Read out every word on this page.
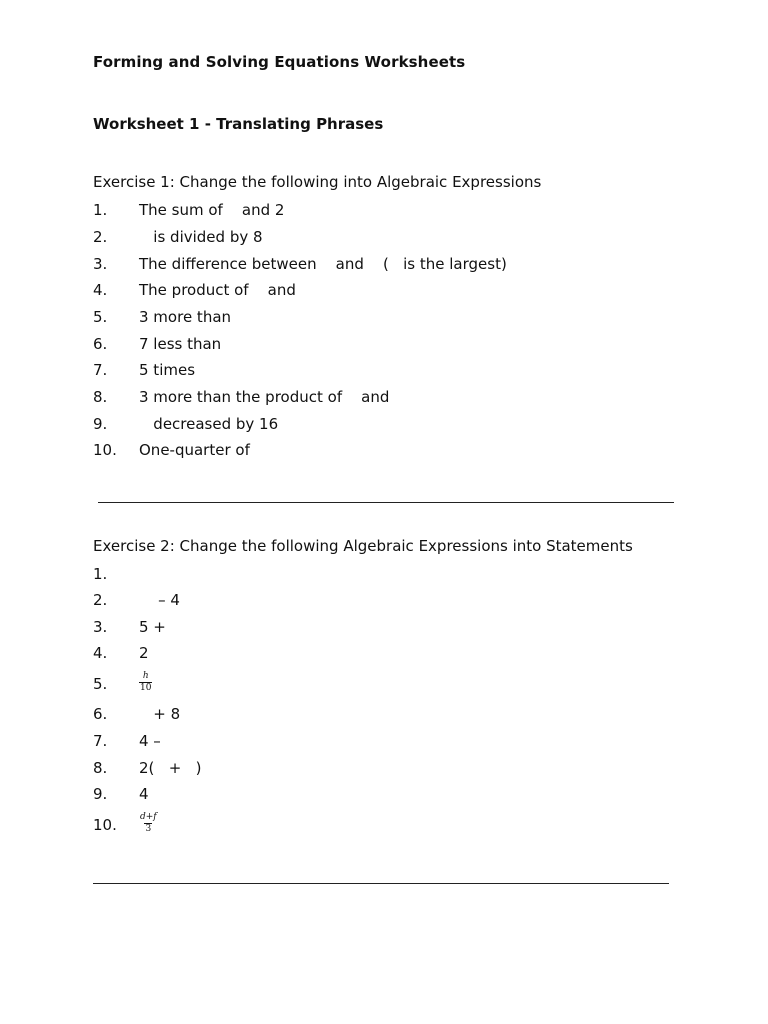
Forming and Solving Equations Worksheets
Worksheet 1 - Translating Phrases
Exercise 1: Change the following into Algebraic Expressions
1. The sum of    and 2
2. is divided by 8
3. The difference between    and    (   is the largest)
4. The product of    and
5. 3 more than
6. 7 less than
7. 5 times
8. 3 more than the product of    and
9. decreased by 16
10. One-quarter of
Exercise 2: Change the following Algebraic Expressions into Statements
1.
2. – 4
3. 5 +
4. 2
5.	$\frac{h}{10}$
6. + 8
7. 4 –
8. 2(   +   )
9. 4
10. $\frac{d+f}{3}$
